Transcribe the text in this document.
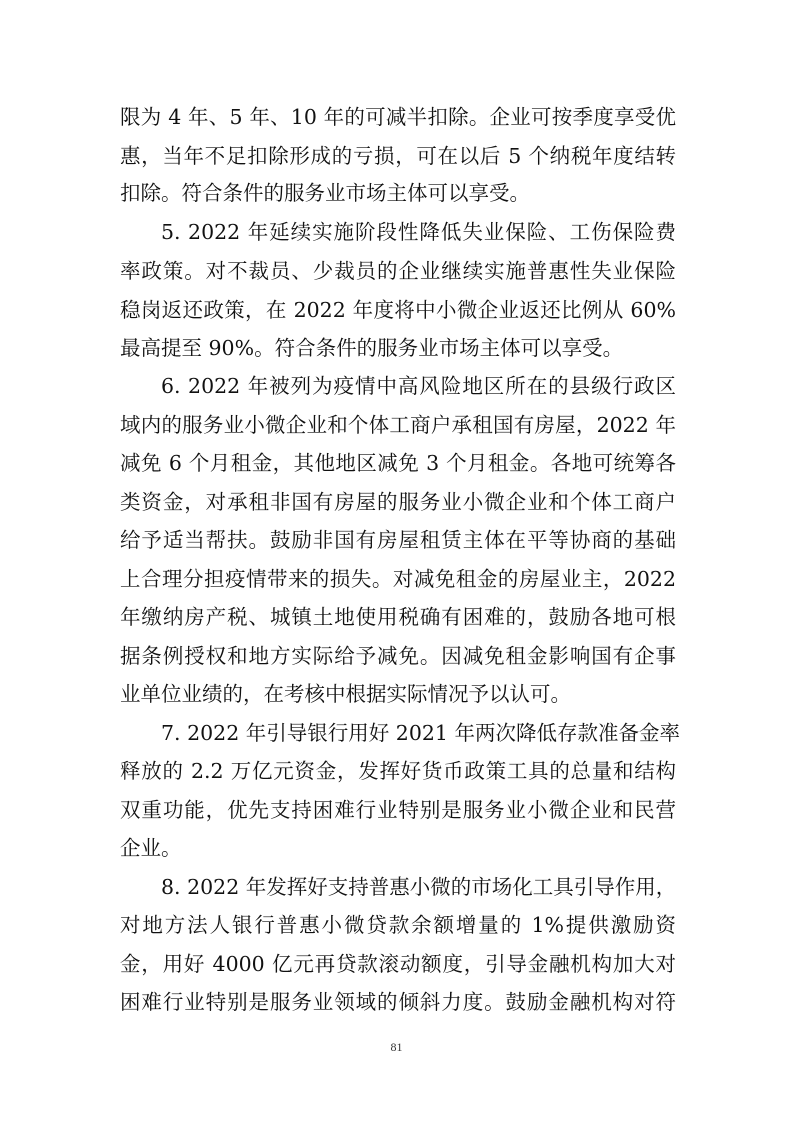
限为 4 年、5 年、10 年的可减半扣除。企业可按季度享受优
惠，当年不足扣除形成的亏损，可在以后 5 个纳税年度结转
扣除。符合条件的服务业市场主体可以享受。
5. 2022 年延续实施阶段性降低失业保险、工伤保险费
率政策。对不裁员、少裁员的企业继续实施普惠性失业保险
稳岗返还政策，在 2022 年度将中小微企业返还比例从 60%
最高提至 90%。符合条件的服务业市场主体可以享受。
6. 2022 年被列为疫情中高风险地区所在的县级行政区
域内的服务业小微企业和个体工商户承租国有房屋，2022 年
减免 6 个月租金，其他地区减免 3 个月租金。各地可统筹各
类资金，对承租非国有房屋的服务业小微企业和个体工商户
给予适当帮扶。鼓励非国有房屋租赁主体在平等协商的基础
上合理分担疫情带来的损失。对减免租金的房屋业主，2022
年缴纳房产税、城镇土地使用税确有困难的，鼓励各地可根
据条例授权和地方实际给予减免。因减免租金影响国有企事
业单位业绩的，在考核中根据实际情况予以认可。
7. 2022 年引导银行用好 2021 年两次降低存款准备金率
释放的 2.2 万亿元资金，发挥好货币政策工具的总量和结构
双重功能，优先支持困难行业特别是服务业小微企业和民营
企业。
8. 2022 年发挥好支持普惠小微的市场化工具引导作用，
对地方法人银行普惠小微贷款余额增量的 1%提供激励资
金，用好 4000 亿元再贷款滚动额度，引导金融机构加大对
困难行业特别是服务业领域的倾斜力度。鼓励金融机构对符
81
